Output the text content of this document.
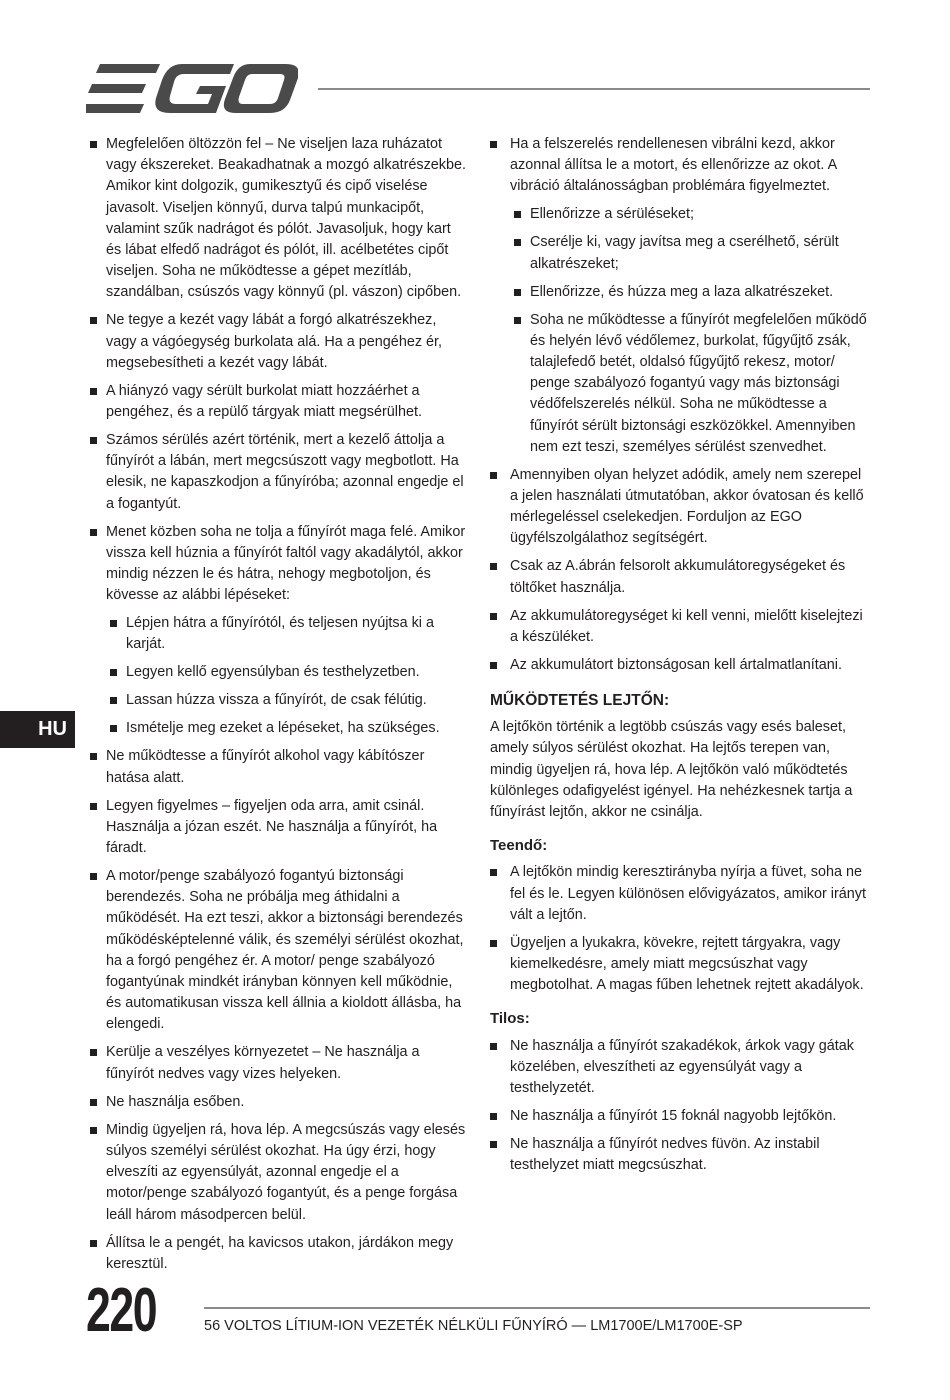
HU
Megfelelően öltözzön fel – Ne viseljen laza ruházatot vagy ékszereket. Beakadhatnak a mozgó alkatrészekbe. Amikor kint dolgozik, gumikesztyű és cipő viselése javasolt. Viseljen könnyű, durva talpú munkacipőt, valamint szűk nadrágot és pólót. Javasoljuk, hogy kart és lábat elfedő nadrágot és pólót, ill. acélbetétes cipőt viseljen. Soha ne működtesse a gépet mezítláb, szandálban, csúszós vagy könnyű (pl. vászon) cipőben.
Ne tegye a kezét vagy lábát a forgó alkatrészekhez, vagy a vágóegység burkolata alá. Ha a pengéhez ér, megsebesítheti a kezét vagy lábát.
A hiányzó vagy sérült burkolat miatt hozzáérhet a pengéhez, és a repülő tárgyak miatt megsérülhet.
Számos sérülés azért történik, mert a kezelő áttolja a fűnyírót a lábán, mert megcsúszott vagy megbotlott. Ha elesik, ne kapaszkodjon a fűnyíróba; azonnal engedje el a fogantyút.
Menet közben soha ne tolja a fűnyírót maga felé. Amikor vissza kell húznia a fűnyírót faltól vagy akadálytól, akkor mindig nézzen le és hátra, nehogy megbotoljon, és kövesse az alábbi lépéseket:
Lépjen hátra a fűnyírótól, és teljesen nyújtsa ki a karját.
Legyen kellő egyensúlyban és testhelyzetben.
Lassan húzza vissza a fűnyírót, de csak félútig.
Ismételje meg ezeket a lépéseket, ha szükséges.
Ne működtesse a fűnyírót alkohol vagy kábítószer hatása alatt.
Legyen figyelmes – figyeljen oda arra, amit csinál. Használja a józan eszét. Ne használja a fűnyírót, ha fáradt.
A motor/penge szabályozó fogantyú biztonsági berendezés. Soha ne próbálja meg áthidalni a működését. Ha ezt teszi, akkor a biztonsági berendezés működésképtelenné válik, és személyi sérülést okozhat, ha a forgó pengéhez ér. A motor/ penge szabályozó fogantyúnak mindkét irányban könnyen kell működnie, és automatikusan vissza kell állnia a kioldott állásba, ha elengedi.
Kerülje a veszélyes környezetet – Ne használja a fűnyírót nedves vagy vizes helyeken.
Ne használja esőben.
Mindig ügyeljen rá, hova lép. A megcsúszás vagy elesés súlyos személyi sérülést okozhat. Ha úgy érzi, hogy elveszíti az egyensúlyát, azonnal engedje el a motor/penge szabályozó fogantyút, és a penge forgása leáll három másodpercen belül.
Állítsa le a pengét, ha kavicsos utakon, járdákon megy keresztül.
Ha a felszerelés rendellenesen vibrálni kezd, akkor azonnal állítsa le a motort, és ellenőrizze az okot. A vibráció általánosságban problémára figyelmeztet.
Ellenőrizze a sérüléseket;
Cserélje ki, vagy javítsa meg a cserélhető, sérült alkatrészeket;
Ellenőrizze, és húzza meg a laza alkatrészeket.
Soha ne működtesse a fűnyírót megfelelően működő és helyén lévő védőlemez, burkolat, fűgyűjtő zsák, talajlefedő betét, oldalsó fűgyűjtő rekesz, motor/ penge szabályozó fogantyú vagy más biztonsági védőfelszerelés nélkül. Soha ne működtesse a fűnyírót sérült biztonsági eszközökkel. Amennyiben nem ezt teszi, személyes sérülést szenvedhet.
Amennyiben olyan helyzet adódik, amely nem szerepel a jelen használati útmutatóban, akkor óvatosan és kellő mérlegeléssel cselekedjen. Forduljon az EGO ügyfélszolgálathoz segítségért.
Csak az A.ábrán felsorolt akkumulátoregységeket és töltőket használja.
Az akkumulátoregységet ki kell venni, mielőtt kiselejtezi a készüléket.
Az akkumulátort biztonságosan kell ártalmatlanítani.
MŰKÖDTETÉS LEJTŐN:

A lejtőkön történik a legtöbb csúszás vagy esés baleset, amely súlyos sérülést okozhat. Ha lejtős terepen van, mindig ügyeljen rá, hova lép. A lejtőkön való működtetés különleges odafigyelést igényel. Ha nehézkesnek tartja a fűnyírást lejtőn, akkor ne csinálja.

Teendő:
A lejtőkön mindig keresztirányba nyírja a füvet, soha ne fel és le. Legyen különösen elővigyázatos, amikor irányt vált a lejtőn.
Ügyeljen a lyukakra, kövekre, rejtett tárgyakra, vagy kiemelkedésre, amely miatt megcsúszhat vagy megbotolhat. A magas fűben lehetnek rejtett akadályok.
Tilos:
Ne használja a fűnyírót szakadékok, árkok vagy gátak közelében, elveszítheti az egyensúlyát vagy a testhelyzetét.
Ne használja a fűnyírót 15 foknál nagyobb lejtőkön.
Ne használja a fűnyírót nedves füvön. Az instabil testhelyzet miatt megcsúszhat.
220	56 VOLTOS LÍTIUM-ION VEZETÉK NÉLKÜLI FŰNYÍRÓ — LM1700E/LM1700E-SP
